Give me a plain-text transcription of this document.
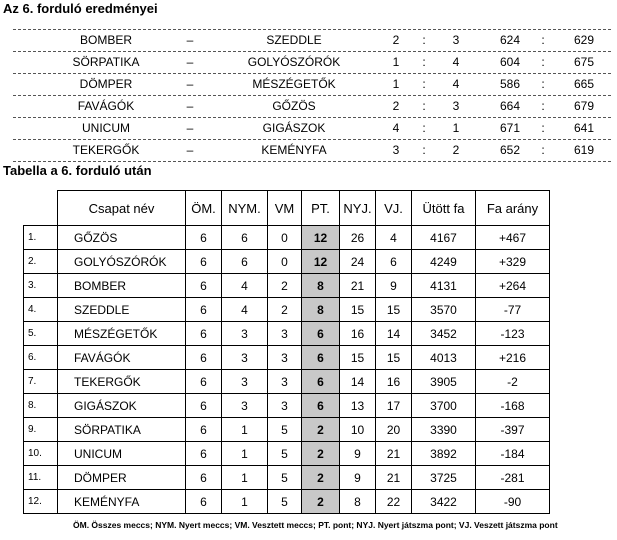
Az 6. forduló eredményei
BOMBER	–	SZEDDLE	2	:	3	624	:	629
SÖRPATIKA	–	GOLYÓSZÓRÓK	1	:	4	604	:	675
DÖMPER	–	MÉSZÉGETŐK	1	:	4	586	:	665
FAVÁGÓK	–	GŐZÖS	2	:	3	664	:	679
UNICUM	–	GIGÁSZOK	4	:	1	671	:	641
TEKERGŐK	–	KEMÉNYFA	3	:	2	652	:	619
Tabella a 6. forduló után
	Csapat név	ÖM.	NYM.	VM	PT.	NYJ.	VJ.	Ütött fa	Fa arány
1.	GŐZÖS	6	6	0	12	26	4	4167	+467
2.	GOLYÓSZÓRÓK	6	6	0	12	24	6	4249	+329
3.	BOMBER	6	4	2	8	21	9	4131	+264
4.	SZEDDLE	6	4	2	8	15	15	3570	-77
5.	MÉSZÉGETŐK	6	3	3	6	16	14	3452	-123
6.	FAVÁGÓK	6	3	3	6	15	15	4013	+216
7.	TEKERGŐK	6	3	3	6	14	16	3905	-2
8.	GIGÁSZOK	6	3	3	6	13	17	3700	-168
9.	SÖRPATIKA	6	1	5	2	10	20	3390	-397
10.	UNICUM	6	1	5	2	9	21	3892	-184
11.	DÖMPER	6	1	5	2	9	21	3725	-281
12.	KEMÉNYFA	6	1	5	2	8	22	3422	-90
ÖM. Összes meccs; NYM. Nyert meccs; VM. Vesztett meccs; PT. pont; NYJ. Nyert játszma pont; VJ. Veszett játszma pont
